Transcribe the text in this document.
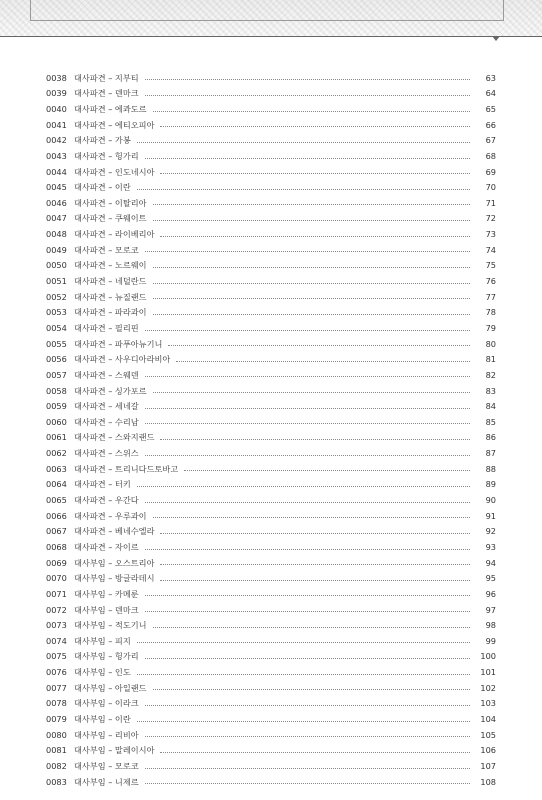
0038 대사파견 – 지부티	63
0039 대사파견 – 덴마크	64
0040 대사파견 – 에콰도르	65
0041 대사파견 – 에티오피아	66
0042 대사파견 – 가봉	67
0043 대사파견 – 헝가리	68
0044 대사파견 – 인도네시아	69
0045 대사파견 – 이란	70
0046 대사파견 – 이탈리아	71
0047 대사파견 – 쿠웨이트	72
0048 대사파견 – 라이베리아	73
0049 대사파견 – 모로코	74
0050 대사파견 – 노르웨이	75
0051 대사파견 – 네덜란드	76
0052 대사파견 – 뉴질랜드	77
0053 대사파견 – 파라과이	78
0054 대사파견 – 필리핀	79
0055 대사파견 – 파푸아뉴기니	80
0056 대사파견 – 사우디아라비아	81
0057 대사파견 – 스웨덴	82
0058 대사파견 – 싱가포르	83
0059 대사파견 – 세네갈	84
0060 대사파견 – 수리남	85
0061 대사파견 – 스와지랜드	86
0062 대사파견 – 스위스	87
0063 대사파견 – 트리니다드토바고	88
0064 대사파견 – 터키	89
0065 대사파견 – 우간다	90
0066 대사파견 – 우루과이	91
0067 대사파견 – 베네수엘라	92
0068 대사파견 – 자이르	93
0069 대사부임 – 오스트리아	94
0070 대사부임 – 방글라데시	95
0071 대사부임 – 카메룬	96
0072 대사부임 – 덴마크	97
0073 대사부임 – 적도기니	98
0074 대사부임 – 피지	99
0075 대사부임 – 헝가리	100
0076 대사부임 – 인도	101
0077 대사부임 – 아일랜드	102
0078 대사부임 – 이라크	103
0079 대사부임 – 이란	104
0080 대사부임 – 리비아	105
0081 대사부임 – 말레이시아	106
0082 대사부임 – 모로코	107
0083 대사부임 – 니제르	108
